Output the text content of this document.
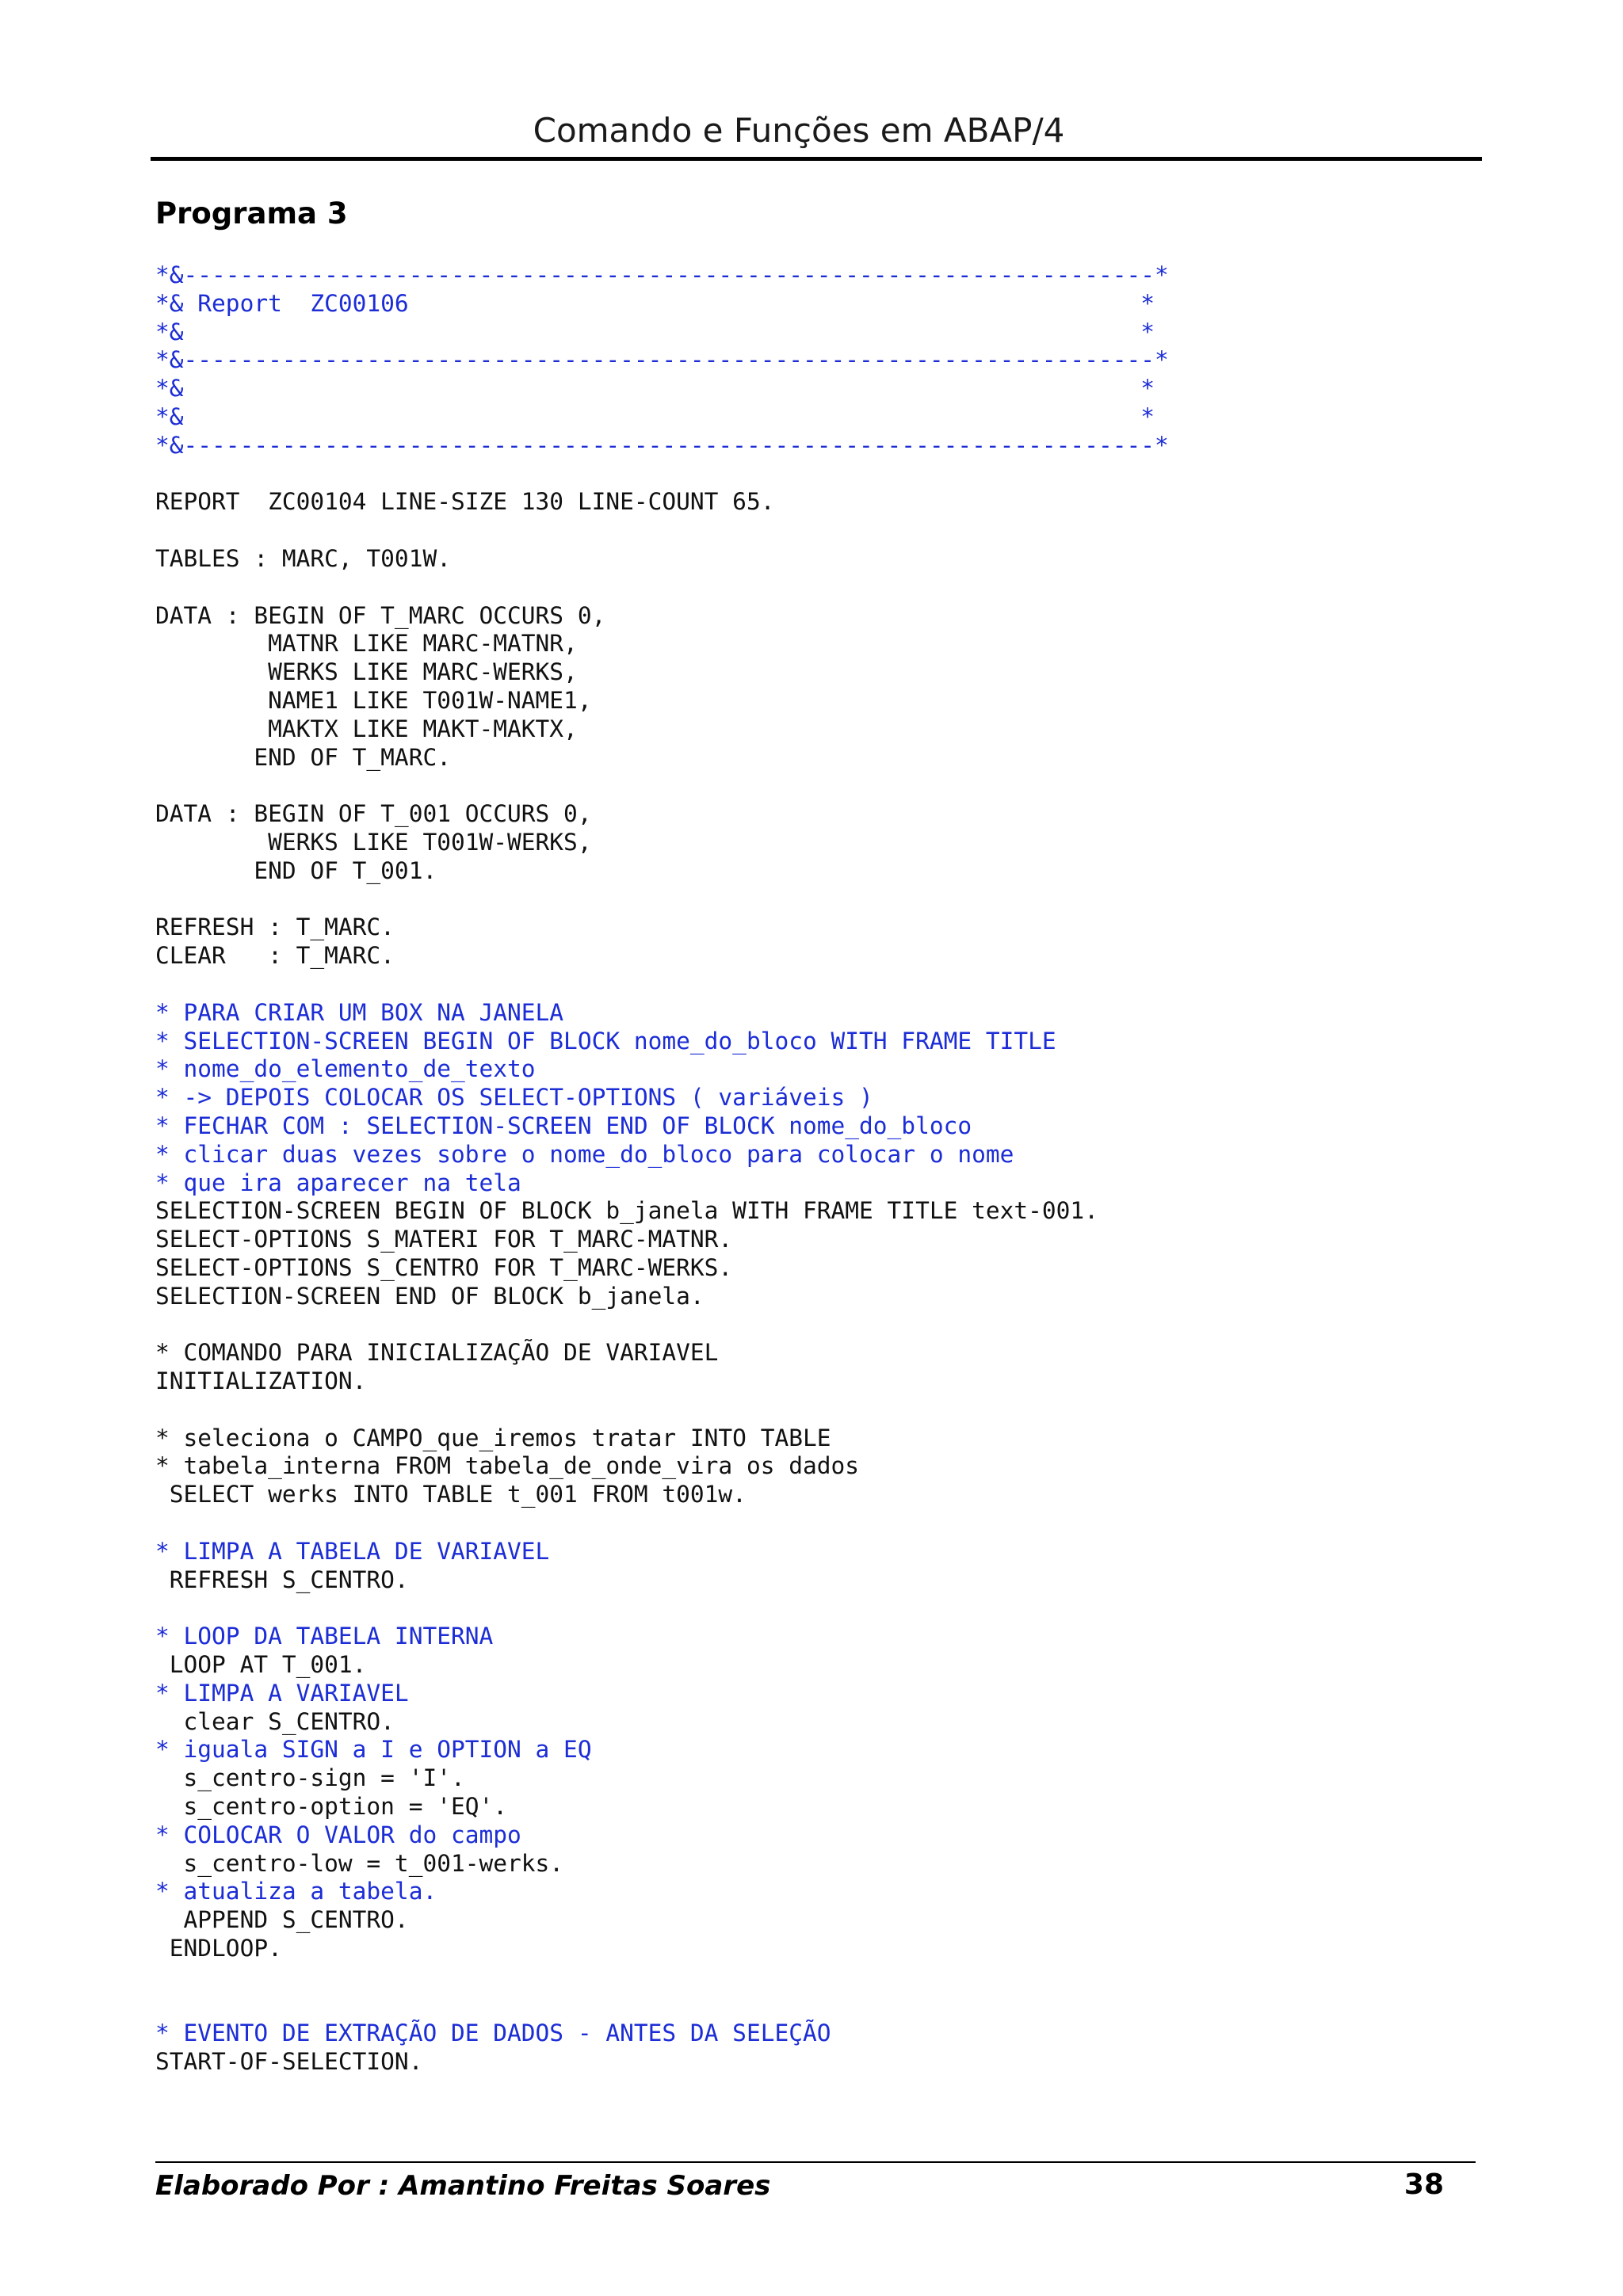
Comando e Funções em ABAP/4
Programa 3
*&---------------------------------------------------------------------*
*& Report  ZC00106                                                    *
*&                                                                    *
*&---------------------------------------------------------------------*
*&                                                                    *
*&                                                                    *
*&---------------------------------------------------------------------*
REPORT  ZC00104 LINE-SIZE 130 LINE-COUNT 65.
TABLES : MARC, T001W.
DATA : BEGIN OF T_MARC OCCURS 0,
MATNR LIKE MARC-MATNR,
WERKS LIKE MARC-WERKS,
NAME1 LIKE T001W-NAME1,
MAKTX LIKE MAKT-MAKTX,
END OF T_MARC.
DATA : BEGIN OF T_001 OCCURS 0,
WERKS LIKE T001W-WERKS,
END OF T_001.
REFRESH : T_MARC.
CLEAR   : T_MARC.
* PARA CRIAR UM BOX NA JANELA
* SELECTION-SCREEN BEGIN OF BLOCK nome_do_bloco WITH FRAME TITLE
* nome_do_elemento_de_texto
* -> DEPOIS COLOCAR OS SELECT-OPTIONS ( variáveis )
* FECHAR COM : SELECTION-SCREEN END OF BLOCK nome_do_bloco
* clicar duas vezes sobre o nome_do_bloco para colocar o nome
* que ira aparecer na tela
SELECTION-SCREEN BEGIN OF BLOCK b_janela WITH FRAME TITLE text-001.
SELECT-OPTIONS S_MATERI FOR T_MARC-MATNR.
SELECT-OPTIONS S_CENTRO FOR T_MARC-WERKS.
SELECTION-SCREEN END OF BLOCK b_janela.
* COMANDO PARA INICIALIZAÇÃO DE VARIAVEL
INITIALIZATION.
* seleciona o CAMPO_que_iremos tratar INTO TABLE
* tabela_interna FROM tabela_de_onde_vira os dados
SELECT werks INTO TABLE t_001 FROM t001w.
* LIMPA A TABELA DE VARIAVEL
REFRESH S_CENTRO.
* LOOP DA TABELA INTERNA
LOOP AT T_001.
* LIMPA A VARIAVEL
clear S_CENTRO.
* iguala SIGN a I e OPTION a EQ
s_centro-sign = 'I'.
s_centro-option = 'EQ'.
* COLOCAR O VALOR do campo
s_centro-low = t_001-werks.
* atualiza a tabela.
APPEND S_CENTRO.
ENDLOOP.
* EVENTO DE EXTRAÇÃO DE DADOS - ANTES DA SELEÇÃO
START-OF-SELECTION.
Elaborado Por : Amantino Freitas Soares	38
